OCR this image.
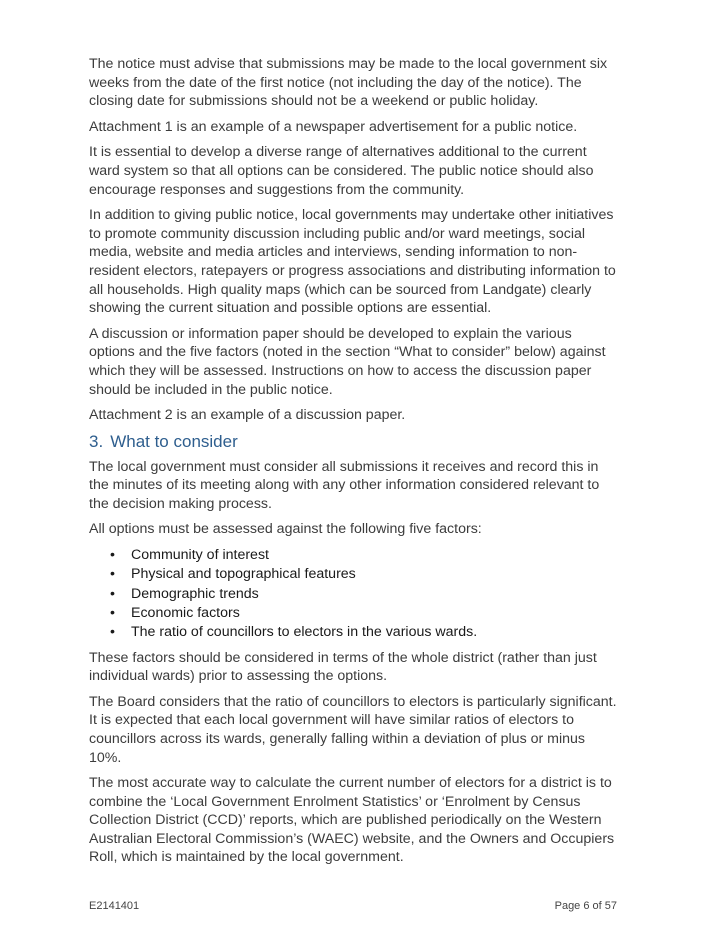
The notice must advise that submissions may be made to the local government six weeks from the date of the first notice (not including the day of the notice). The closing date for submissions should not be a weekend or public holiday.

Attachment 1 is an example of a newspaper advertisement for a public notice.

It is essential to develop a diverse range of alternatives additional to the current ward system so that all options can be considered. The public notice should also encourage responses and suggestions from the community.

In addition to giving public notice, local governments may undertake other initiatives to promote community discussion including public and/or ward meetings, social media, website and media articles and interviews, sending information to non-resident electors, ratepayers or progress associations and distributing information to all households. High quality maps (which can be sourced from Landgate) clearly showing the current situation and possible options are essential.

A discussion or information paper should be developed to explain the various options and the five factors (noted in the section “What to consider” below) against which they will be assessed. Instructions on how to access the discussion paper should be included in the public notice.

Attachment 2 is an example of a discussion paper.

3. What to consider

The local government must consider all submissions it receives and record this in the minutes of its meeting along with any other information considered relevant to the decision making process.

All options must be assessed against the following five factors:

• Community of interest
• Physical and topographical features
• Demographic trends
• Economic factors
• The ratio of councillors to electors in the various wards.

These factors should be considered in terms of the whole district (rather than just individual wards) prior to assessing the options.

The Board considers that the ratio of councillors to electors is particularly significant. It is expected that each local government will have similar ratios of electors to councillors across its wards, generally falling within a deviation of plus or minus 10%.

The most accurate way to calculate the current number of electors for a district is to combine the ‘Local Government Enrolment Statistics’ or ‘Enrolment by Census Collection District (CCD)’ reports, which are published periodically on the Western Australian Electoral Commission’s (WAEC) website, and the Owners and Occupiers Roll, which is maintained by the local government.

E2141401	Page 6 of 57
